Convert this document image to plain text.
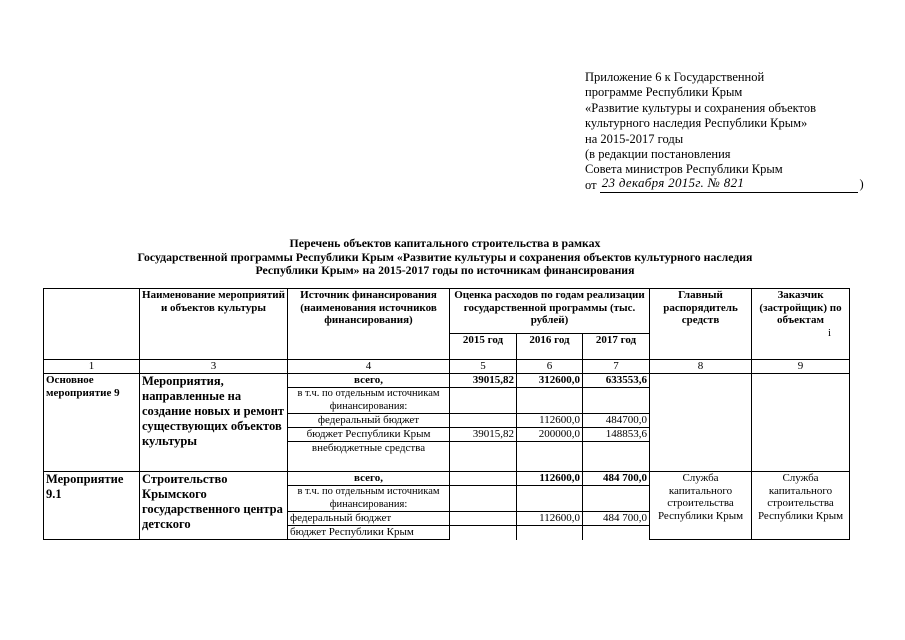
Приложение 6 к Государственной
программе Республики Крым
«Развитие культуры и сохранения объектов
культурного наследия Республики Крым»
на 2015-2017 годы
(в редакции постановления
Совета министров Республики Крым
от 23 декабря 2015г. № 821	)
Перечень объектов капитального строительства в рамках
Государственной программы Республики Крым «Развитие культуры и сохранения объектов культурного наследия
Республики Крым» на 2015-2017 годы по источникам финансирования
	Наименование мероприятий и объектов культуры	Источник финансирования (наименования источников финансирования)	Оценка расходов по годам реализации государственной программы (тыс. рублей)			Главный распорядитель средств	Заказчик (застройщик) по объектам
i

			2015 год	2016 год	2017 год		
1	3	4	5	6	7	8	9
Основное мероприятие 9	Мероприятия, направленные на создание новых и ремонт существующих объектов культуры	всего,	39015,82	312600,0	633553,6		
		в т.ч. по отдельным источникам финансирования:					
		федеральный бюджет		112600,0	484700,0		
		бюджет Республики Крым	39015,82	200000,0	148853,6		
		внебюджетные средства					
Мероприятие 9.1	Строительство Крымского государственного центра детского	всего,		112600,0	484 700,0	Служба капитального строительства Республики Крым	Служба капитального строительства Республики Крым
		в т.ч. по отдельным источникам финансирования:					
		федеральный бюджет		112600,0	484 700,0		
		бюджет Республики Крым					
